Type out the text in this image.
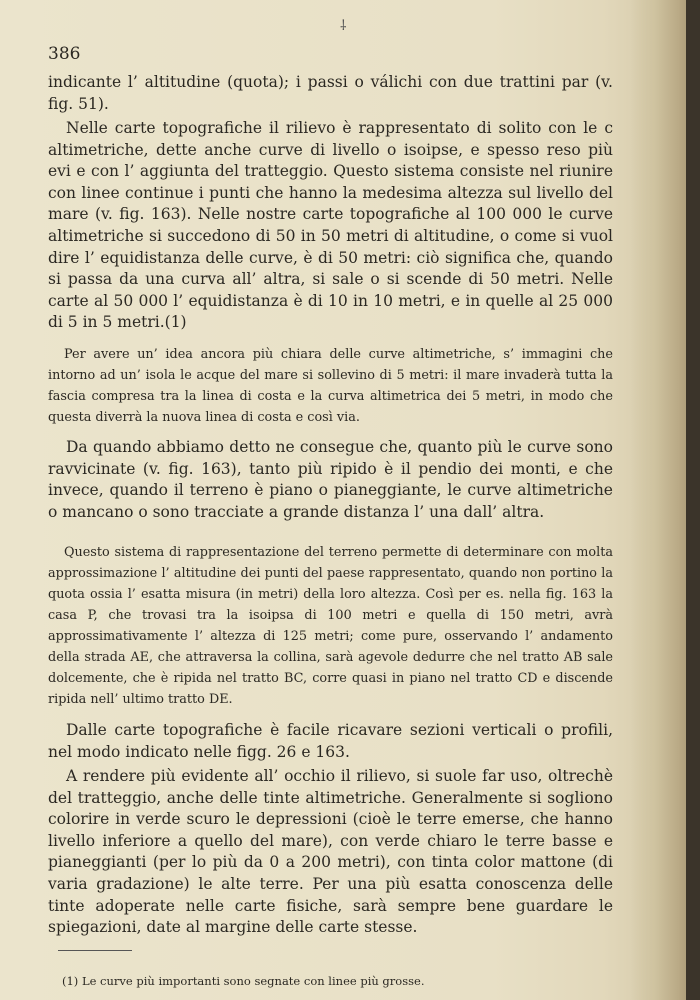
⸸
386

indicante l’ altitudine (quota); i passi o válichi con due trattini par (v. fig. 51).

Nelle carte topografiche il rilievo è rappresentato di solito con le c altimetriche, dette anche curve di livello o isoipse, e spesso reso più evi e con l’ aggiunta del tratteggio. Questo sistema consiste nel riunire con linee continue i punti che hanno la medesima altezza sul livello del mare (v. fig. 163). Nelle nostre carte topografiche al 100 000 le curve altimetriche si succedono di 50 in 50 metri di altitudine, o come si vuol dire l’ equidistanza delle curve, è di 50 metri: ciò significa che, quando si passa da una curva all’ altra, si sale o si scende di 50 metri. Nelle carte al 50 000 l’ equidistanza è di 10 in 10 metri, e in quelle al 25 000 di 5 in 5 metri.(1)

Per avere un’ idea ancora più chiara delle curve altimetriche, s’ immagini che intorno ad un’ isola le acque del mare si sollevino di 5 metri: il mare invaderà tutta la fascia compresa tra la linea di costa e la curva altimetrica dei 5 metri, in modo che questa diverrà la nuova linea di costa e così via.

Da quando abbiamo detto ne consegue che, quanto più le curve sono ravvicinate (v. fig. 163), tanto più ripido è il pendio dei monti, e che invece, quando il terreno è piano o pianeggiante, le curve altimetriche o mancano o sono tracciate a grande distanza l’ una dall’ altra.

Questo sistema di rappresentazione del terreno permette di determinare con molta approssimazione l’ altitudine dei punti del paese rappresentato, quando non portino la quota ossia l’ esatta misura (in metri) della loro altezza. Così per es. nella fig. 163 la casa P, che trovasi tra la isoipsa di 100 metri e quella di 150 metri, avrà approssimativamente l’ altezza di 125 metri; come pure, osservando l’ andamento della strada AE, che attraversa la collina, sarà agevole dedurre che nel tratto AB sale dolcemente, che è ripida nel tratto BC, corre quasi in piano nel tratto CD e discende ripida nell’ ultimo tratto DE.

Dalle carte topografiche è facile ricavare sezioni verticali o profili, nel modo indicato nelle figg. 26 e 163.

A rendere più evidente all’ occhio il rilievo, si suole far uso, oltrechè del tratteggio, anche delle tinte altimetriche. Generalmente si sogliono colorire in verde scuro le depressioni (cioè le terre emerse, che hanno livello inferiore a quello del mare), con verde chiaro le terre basse e pianeggianti (per lo più da 0 a 200 metri), con tinta color mattone (di varia gradazione) le alte terre. Per una più esatta conoscenza delle tinte adoperate nelle carte fisiche, sarà sempre bene guardare le spiegazioni, date al margine delle carte stesse.

(1) Le curve più importanti sono segnate con linee più grosse.
